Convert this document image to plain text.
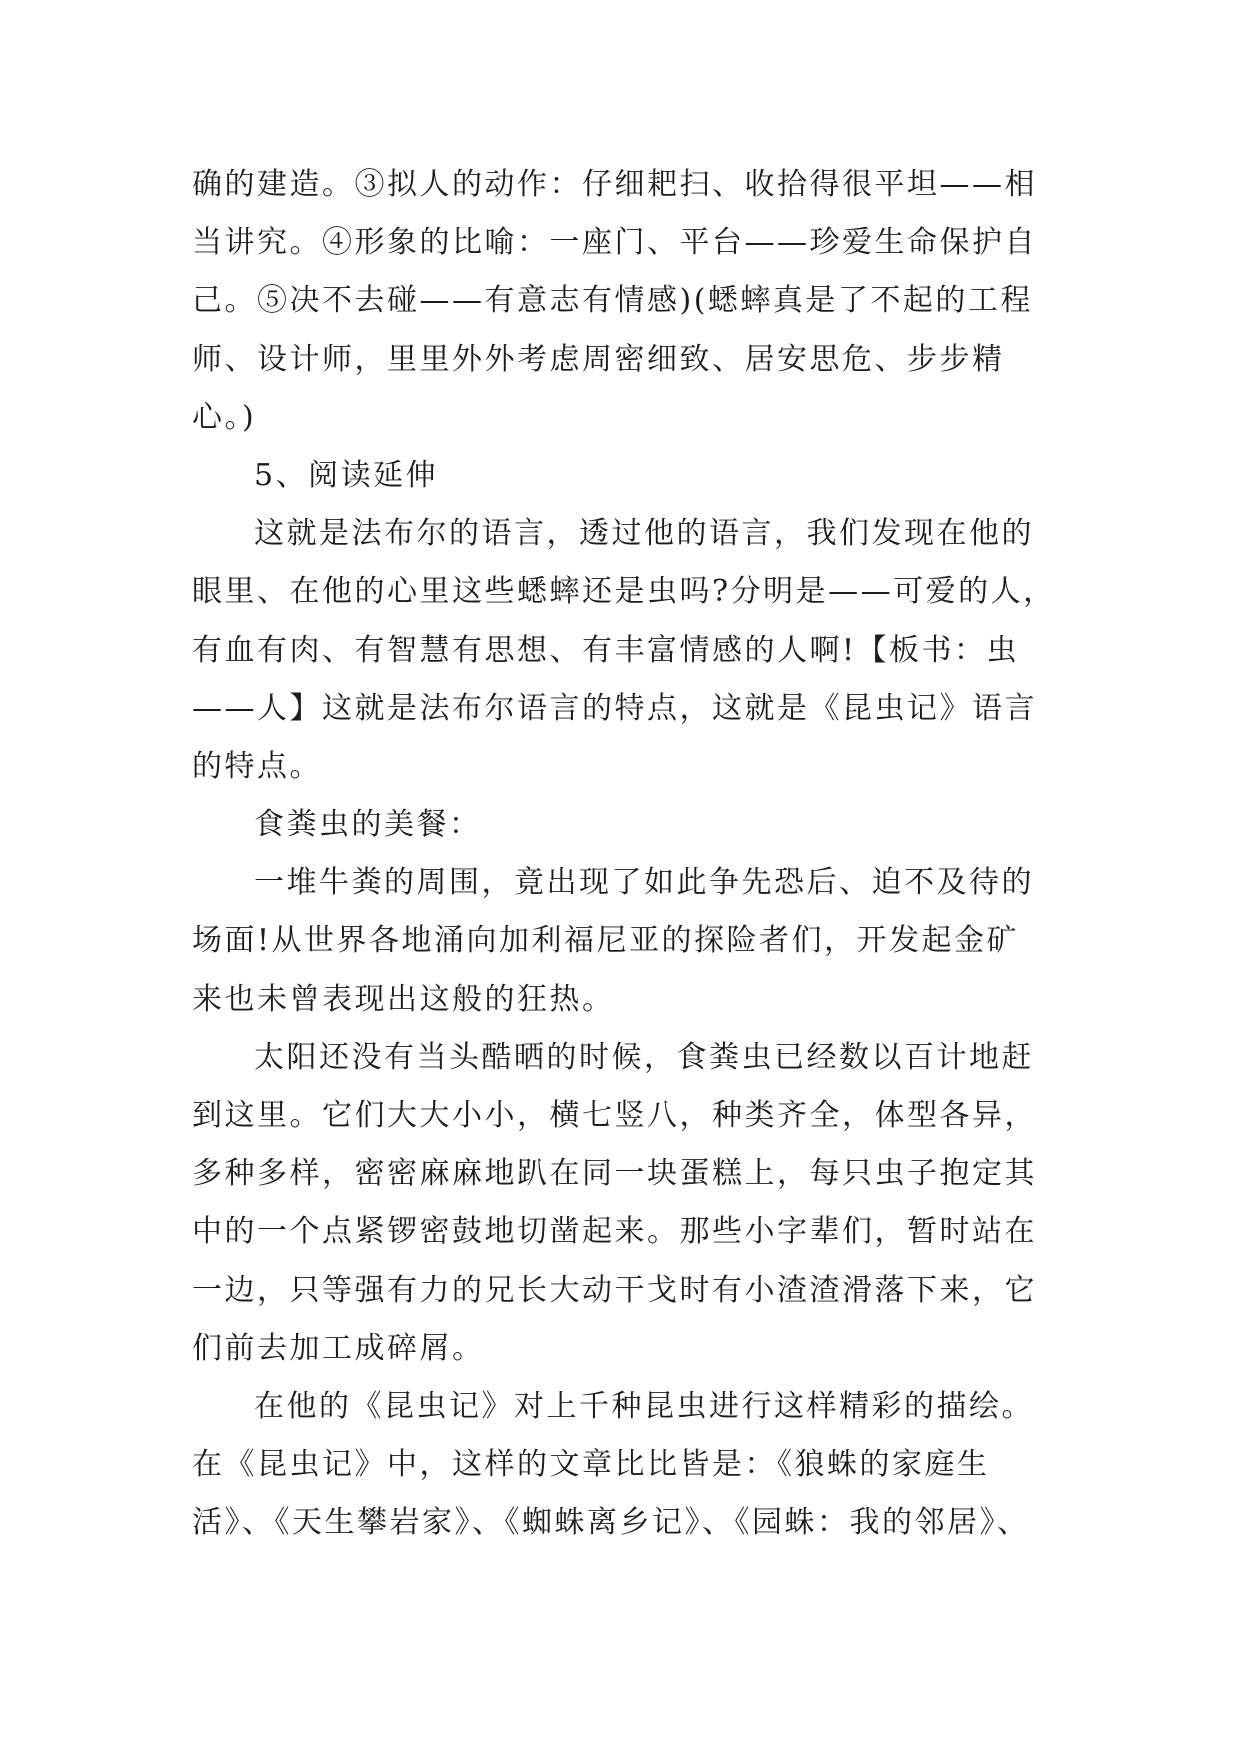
确的建造。③拟人的动作：仔细耙扫、收拾得很平坦——相
当讲究。④形象的比喻：一座门、平台——珍爱生命保护自
己。⑤决不去碰——有意志有情感)(蟋蟀真是了不起的工程
师、设计师，里里外外考虑周密细致、居安思危、步步精
心。)

5、阅读延伸

这就是法布尔的语言，透过他的语言，我们发现在他的
眼里、在他的心里这些蟋蟀还是虫吗?分明是——可爱的人，
有血有肉、有智慧有思想、有丰富情感的人啊!【板书：虫
——人】这就是法布尔语言的特点，这就是《昆虫记》语言
的特点。

食粪虫的美餐：

一堆牛粪的周围，竟出现了如此争先恐后、迫不及待的
场面!从世界各地涌向加利福尼亚的探险者们，开发起金矿
来也未曾表现出这般的狂热。

太阳还没有当头酷晒的时候，食粪虫已经数以百计地赶
到这里。它们大大小小，横七竖八，种类齐全，体型各异，
多种多样，密密麻麻地趴在同一块蛋糕上，每只虫子抱定其
中的一个点紧锣密鼓地切凿起来。那些小字辈们，暂时站在
一边，只等强有力的兄长大动干戈时有小渣渣滑落下来，它
们前去加工成碎屑。

在他的《昆虫记》对上千种昆虫进行这样精彩的描绘。
在《昆虫记》中，这样的文章比比皆是：《狼蛛的家庭生
活》、《天生攀岩家》、《蜘蛛离乡记》、《园蛛：我的邻居》、
